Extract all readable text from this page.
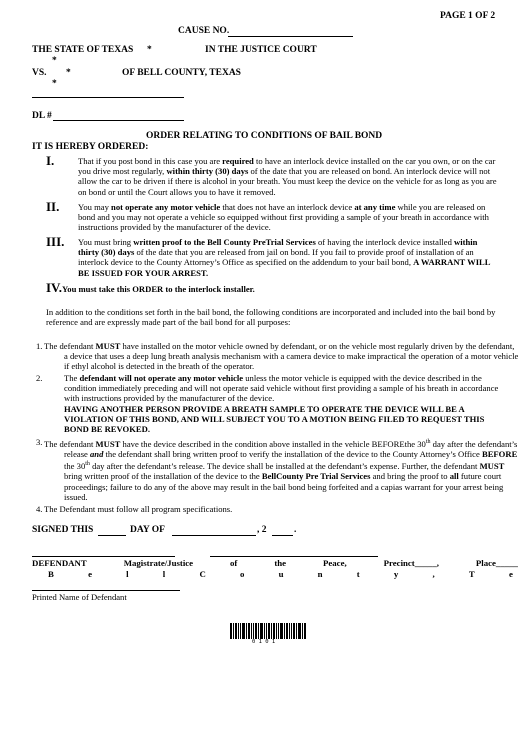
PAGE 1 OF 2
CAUSE NO.
THE STATE OF TEXAS *	IN THE JUSTICE COURT
*
VS. *	OF BELL COUNTY, TEXAS
*
DL #
ORDER RELATING TO CONDITIONS OF BAIL BOND
IT IS HEREBY ORDERED:
I.	That if you post bond in this case you are required to have an interlock device installed on the car you own, or on the car you drive most regularly, within thirty (30) days of the date that you are released on bond. An interlock device will not allow the car to be driven if there is alcohol in your breath. You must keep the device on the vehicle for as long as you are on bond or until the Court allows you to have it removed.
II. You may not operate any motor vehicle that does not have an interlock device at any time while you are released on bond and you may not operate a vehicle so equipped without first providing a sample of your breath in accordance with instructions provided by the manufacturer of the device.
III. You must bring written proof to the Bell County PreTrial Services of having the interlock device installed within thirty (30) days of the date that you are released from jail on bond. If you fail to provide proof of installation of an interlock device to the County Attorney’s Office as specified on the addendum to your bail bond, A WARRANT WILL BE ISSUED FOR YOUR ARREST.
IV.You must take this ORDER to the interlock installer.
In addition to the conditions set forth in the bail bond, the following conditions are incorporated and included into the bail bond by reference and are expressly made part of the bail bond for all purposes:
1. The defendant MUST have installed on the motor vehicle owned by defendant, or on the vehicle most regularly driven by the defendant, a device that uses a deep lung breath analysis mechanism with a camera device to make impractical the operation of a motor vehicle if ethyl alcohol is detected in the breath of the operator.
2.	The defendant will not operate any motor vehicle unless the motor vehicle is equipped with the device described in the condition immediately preceding and will not operate said vehicle without first providing a sample of his breath in accordance with instructions provided by the manufacturer of the device.
HAVING ANOTHER PERSON PROVIDE A BREATH SAMPLE TO OPERATE THE DEVICE WILL BE A VIOLATION OF THIS BOND, AND WILL SUBJECT YOU TO A MOTION BEING FILED TO REQUEST THIS BOND BE REVOKED.
3. The defendant MUST have the device described in the condition above installed in the vehicle BEFOREthe 30th day after the defendant’s release and the defendant shall bring written proof to verify the installation of the device to the County Attorney’s Office BEFORE the 30th day after the defendant’s release. The device shall be installed at the defendant’s expense. Further, the defendant MUST bring written proof of the installation of the device to the BellCounty Pre Trial Services and bring the proof to all future court proceedings; failure to do any of the above may result in the bail bond being forfeited and a capias warrant for your arrest being issued.
4. The Defendant must follow all program specifications.
SIGNED THIS	DAY OF	, 2	.
DEFENDANT	Magistrate/Justice	of	the	Peace,	Precinct_____,	Place_____
B	e	l	l	C	o	u	n	t	y	,	T	e
Printed Name of Defendant
0 1 0 1
